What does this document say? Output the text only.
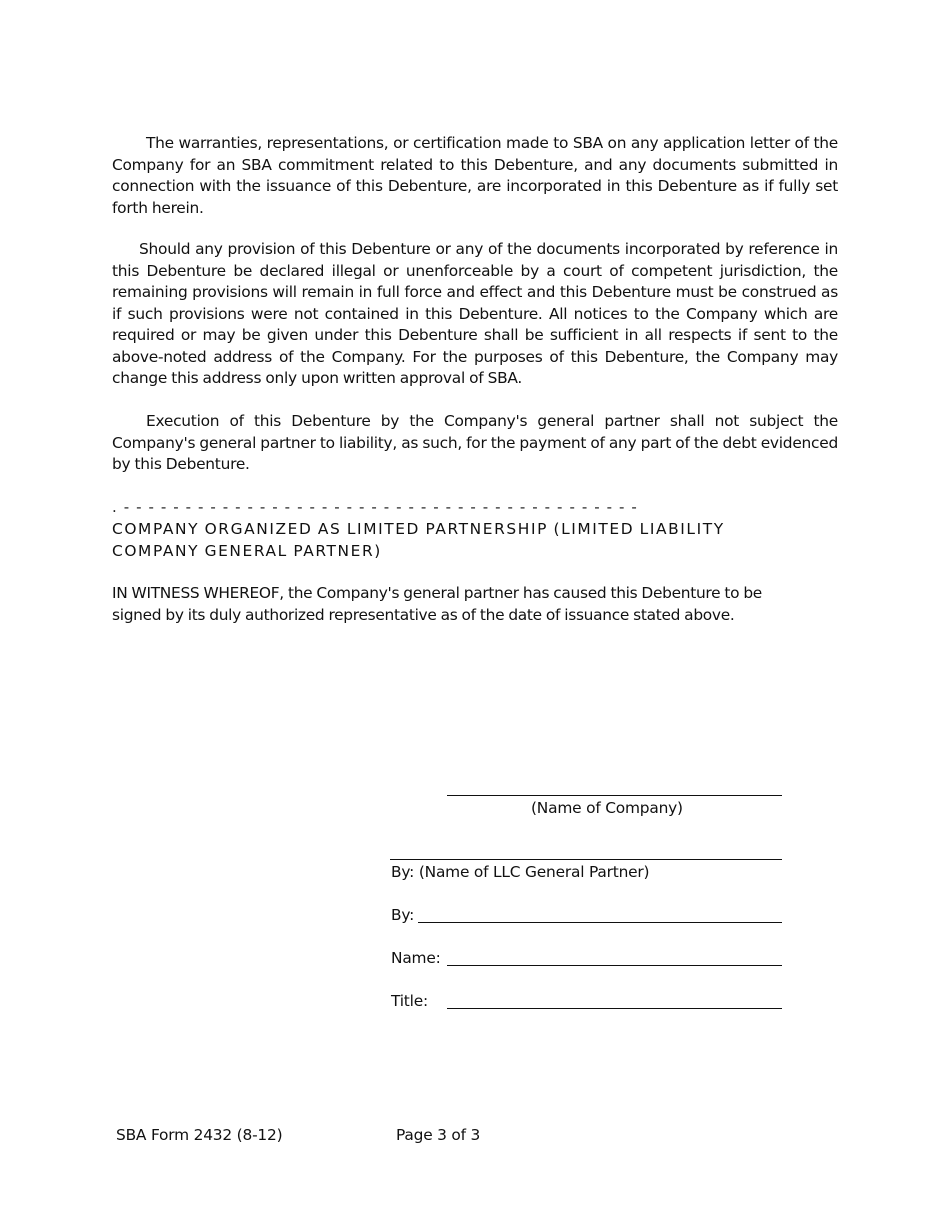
The warranties, representations, or certification made to SBA on any application letter of the Company for an SBA commitment related to this Debenture, and any documents submitted in connection with the issuance of this Debenture, are incorporated in this Debenture as if fully set forth herein.

Should any provision of this Debenture or any of the documents incorporated by reference in this Debenture be declared illegal or unenforceable by a court of competent jurisdiction, the remaining provisions will remain in full force and effect and this Debenture must be construed as if such provisions were not contained in this Debenture. All notices to the Company which are required or may be given under this Debenture shall be sufficient in all respects if sent to the above-noted address of the Company. For the purposes of this Debenture, the Company may change this address only upon written approval of SBA.

Execution of this Debenture by the Company's general partner shall not subject the Company's general partner to liability, as such, for the payment of any part of the debt evidenced by this Debenture.

. - - - - - - - - - - - - - - - - - - - - - - - - - - - - - - - - - - - - - - - - - -

COMPANY ORGANIZED AS LIMITED PARTNERSHIP (LIMITED LIABILITY COMPANY GENERAL PARTNER)

IN WITNESS WHEREOF, the Company's general partner has caused this Debenture to be signed by its duly authorized representative as of the date of issuance stated above.

(Name of Company)
By: (Name of LLC General Partner)
By:
Name:
Title:
SBA Form 2432 (8-12)	Page 3 of 3
